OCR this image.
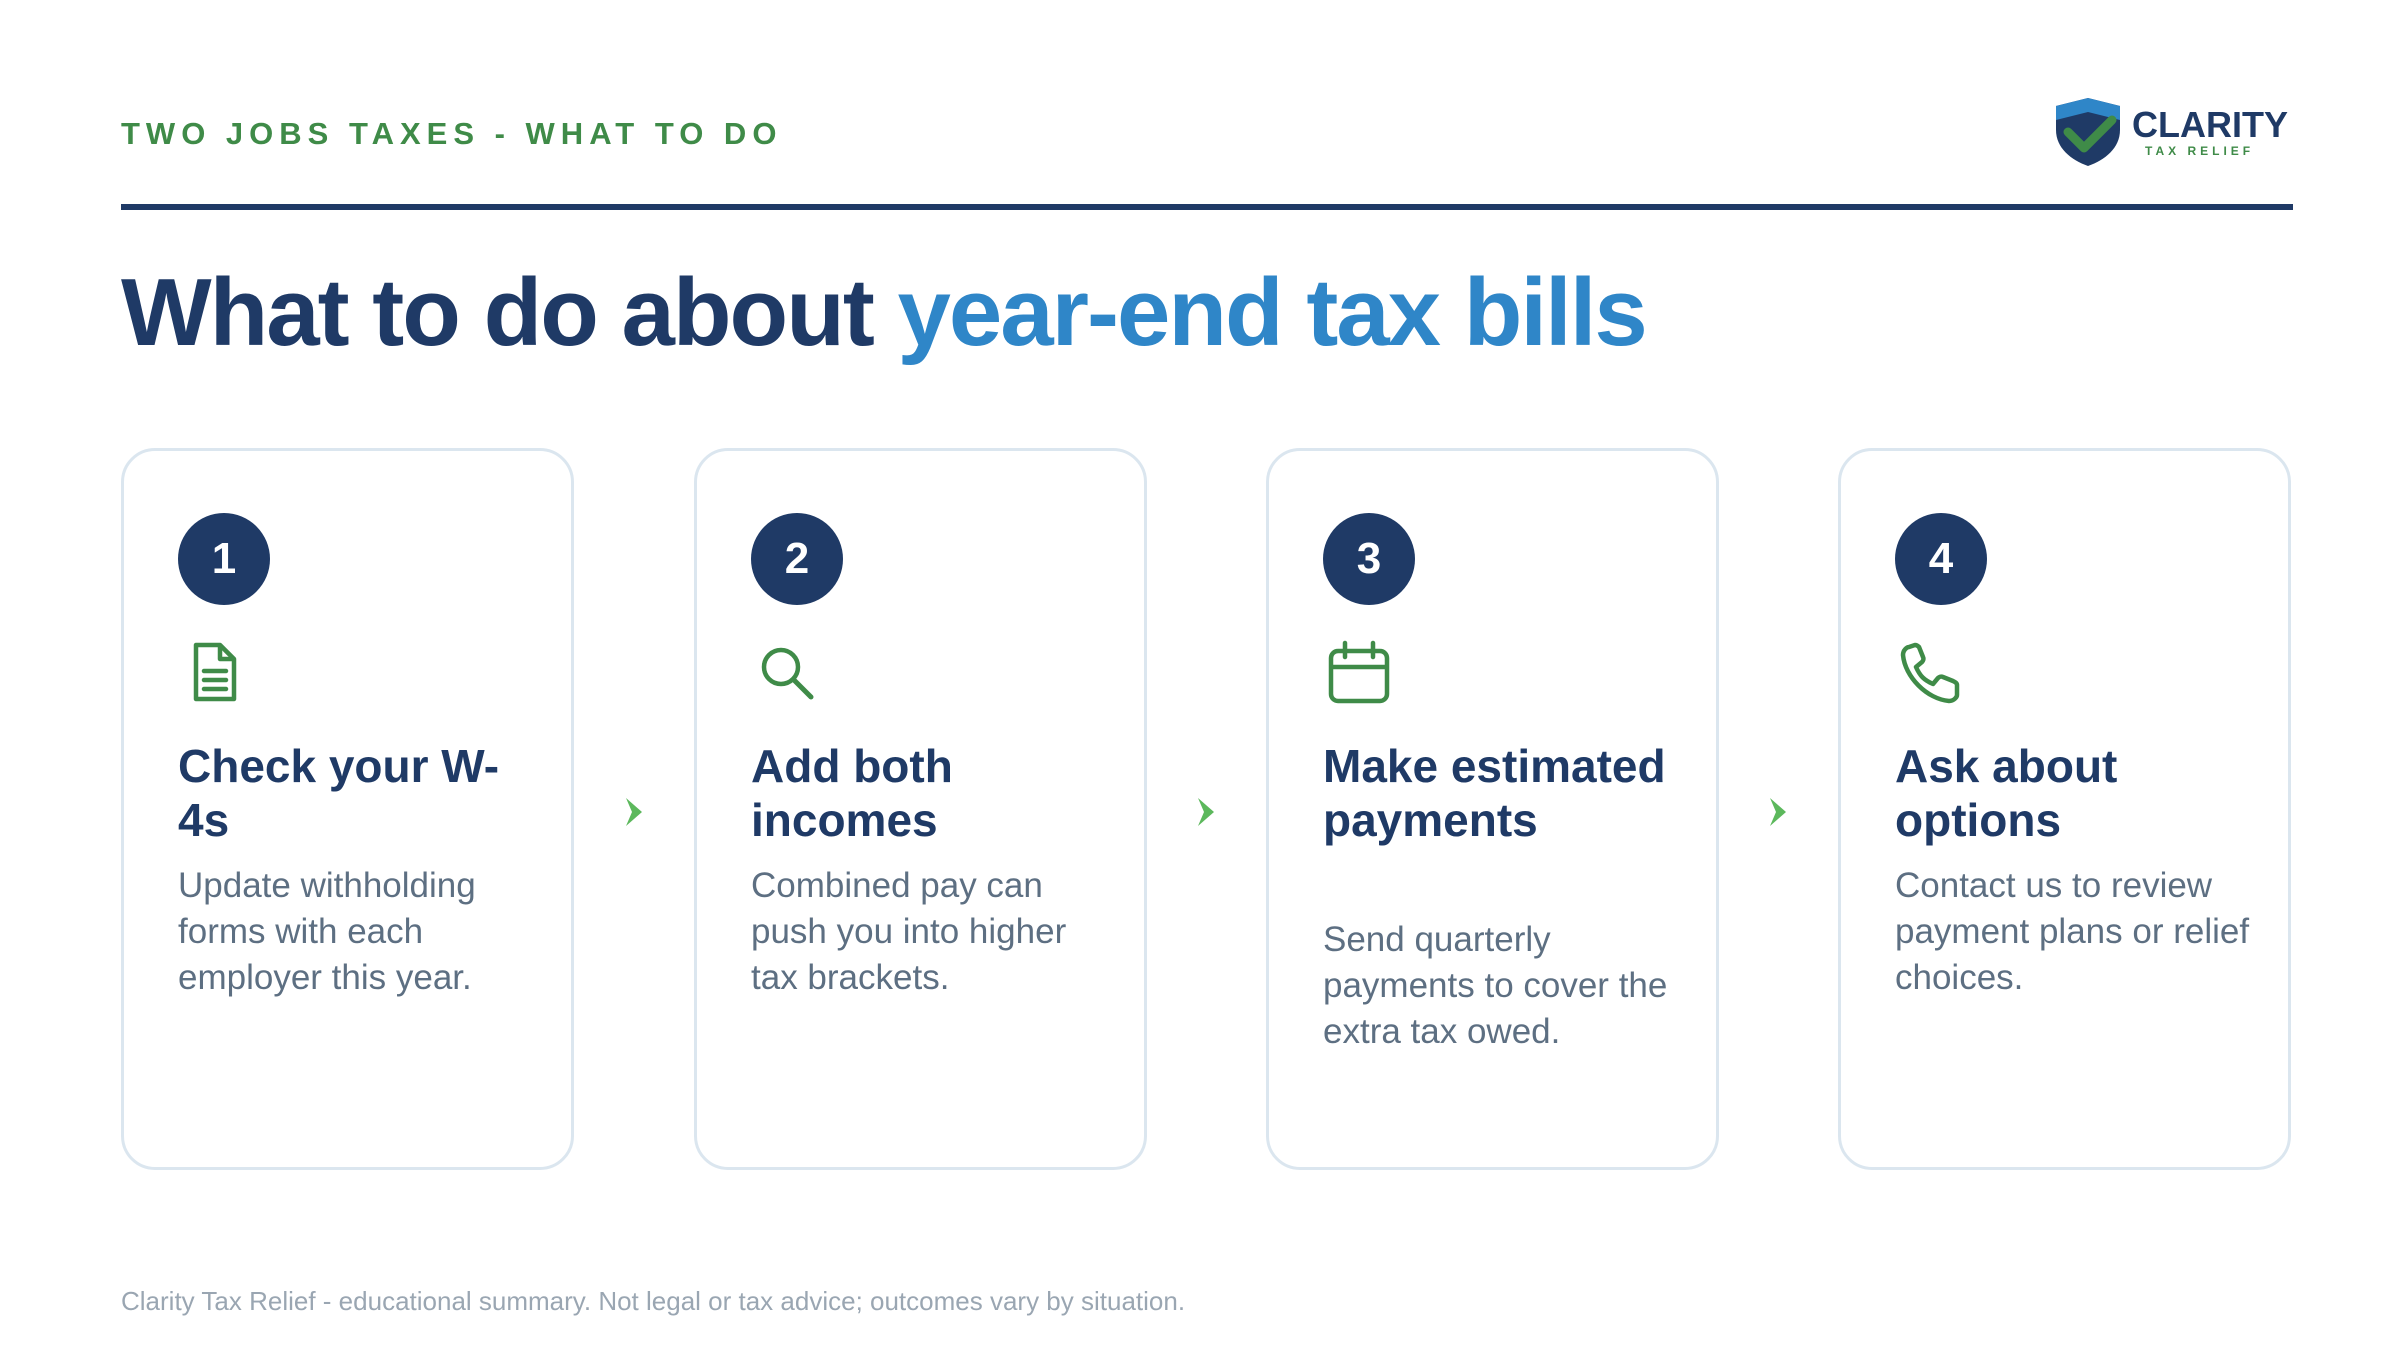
TWO JOBS TAXES - WHAT TO DO	CLARITY
TAX RELIEF
What to do about year-end tax bills
1
Check your W-4s
Update withholding forms with each employer this year.
2
Add both incomes
Combined pay can push you into higher tax brackets.
3
Make estimated payments
Send quarterly payments to cover the extra tax owed.
4
Ask about options
Contact us to review payment plans or relief choices.
Clarity Tax Relief - educational summary. Not legal or tax advice; outcomes vary by situation.
